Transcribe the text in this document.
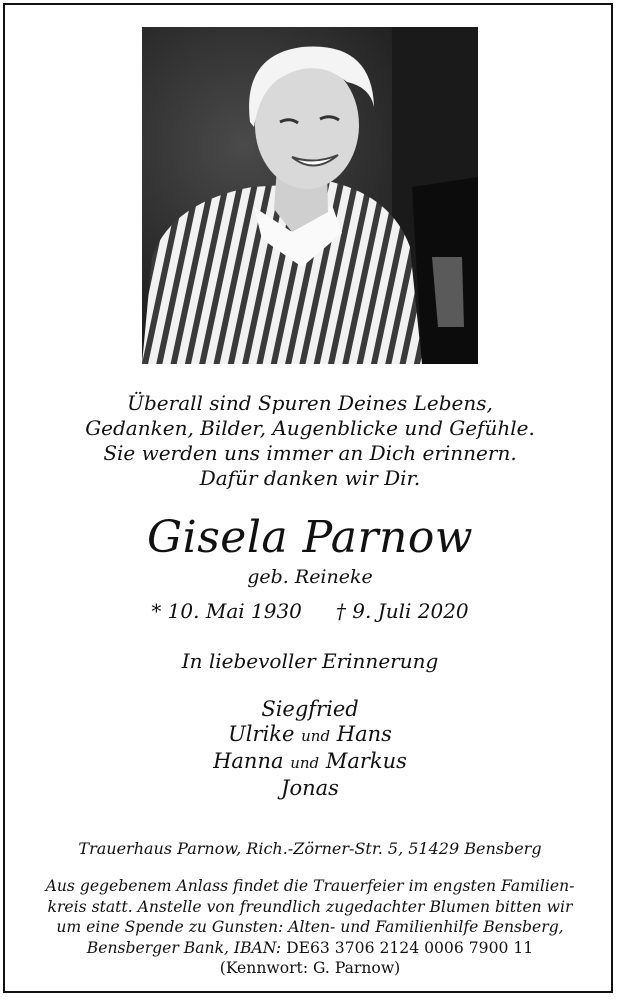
Überall sind Spuren Deines Lebens,
Gedanken, Bilder, Augenblicke und Gefühle.
Sie werden uns immer an Dich erinnern.
Dafür danken wir Dir.
Gisela Parnow
geb. Reineke
* 10. Mai 1930 † 9. Juli 2020
In liebevoller Erinnerung
Siegfried
Ulrike und Hans
Hanna und Markus
Jonas
Trauerhaus Parnow, Rich.-Zörner-Str. 5, 51429 Bensberg
Aus gegebenem Anlass findet die Trauerfeier im engsten Familien-
kreis statt. Anstelle von freundlich zugedachter Blumen bitten wir
um eine Spende zu Gunsten: Alten- und Familienhilfe Bensberg,
Bensberger Bank, IBAN: DE63 3706 2124 0006 7900 11
(Kennwort: G. Parnow)
